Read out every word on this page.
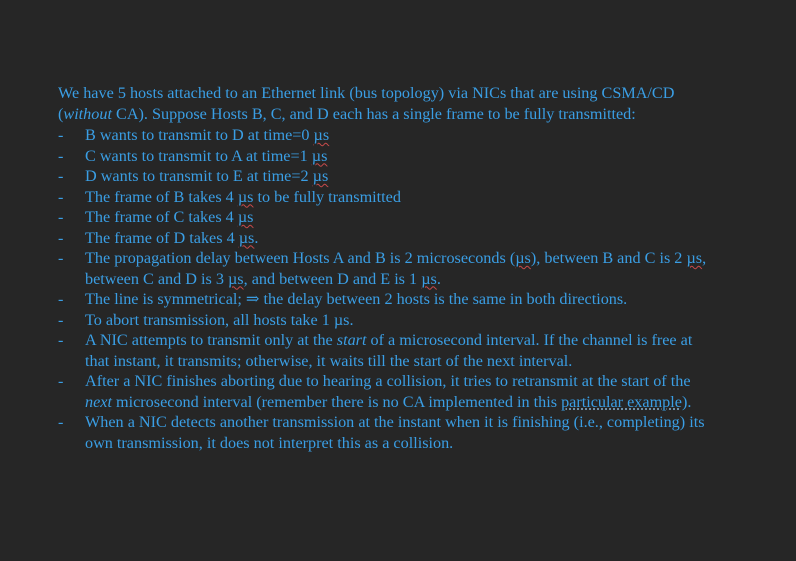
We have 5 hosts attached to an Ethernet link (bus topology) via NICs that are using CSMA/CD (without CA). Suppose Hosts B, C, and D each has a single frame to be fully transmitted:

- B wants to transmit to D at time=0 µs
- C wants to transmit to A at time=1 µs
- D wants to transmit to E at time=2 µs
- The frame of B takes 4 µs to be fully transmitted
- The frame of C takes 4 µs
- The frame of D takes 4 µs.
- The propagation delay between Hosts A and B is 2 microseconds (µs), between B and C is 2 µs, between C and D is 3 µs, and between D and E is 1 µs.
- The line is symmetrical; ⇒ the delay between 2 hosts is the same in both directions.
- To abort transmission, all hosts take 1 µs.
- A NIC attempts to transmit only at the start of a microsecond interval. If the channel is free at that instant, it transmits; otherwise, it waits till the start of the next interval.
- After a NIC finishes aborting due to hearing a collision, it tries to retransmit at the start of the next microsecond interval (remember there is no CA implemented in this particular example).
- When a NIC detects another transmission at the instant when it is finishing (i.e., completing) its own transmission, it does not interpret this as a collision.
